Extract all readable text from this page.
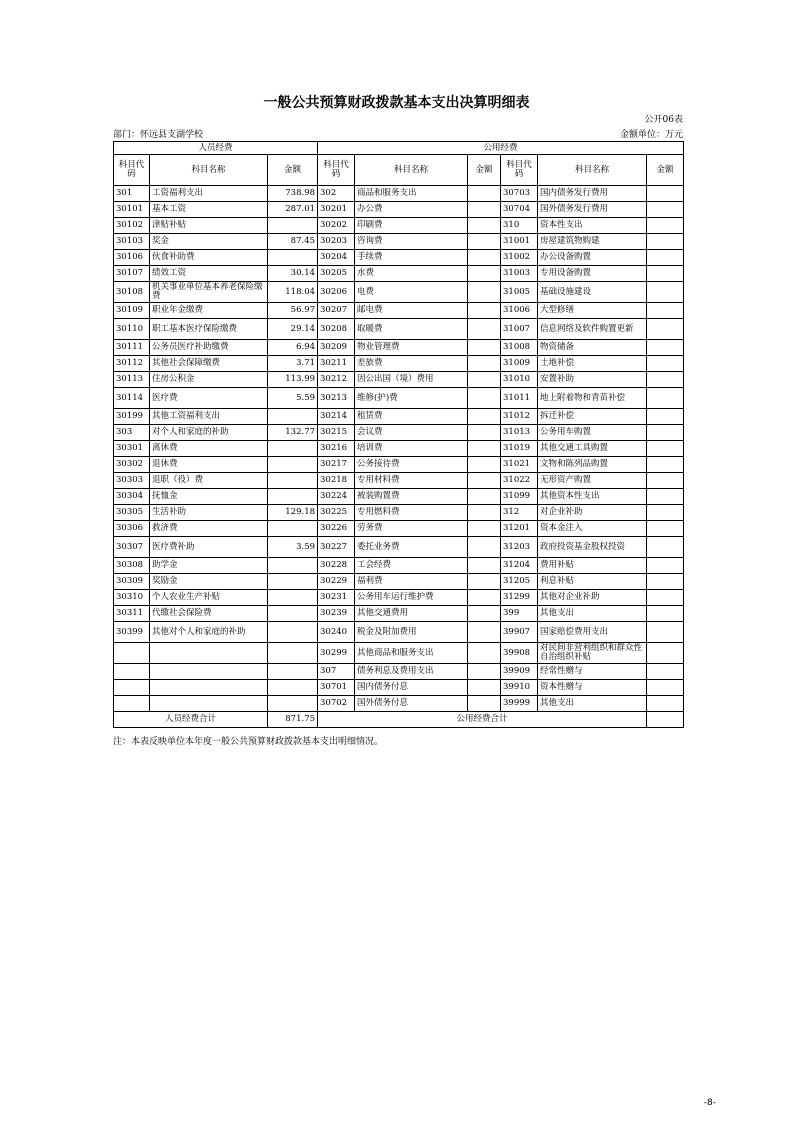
一般公共预算财政拨款基本支出决算明细表
公开06表
部门：怀远县支湖学校	金额单位：万元
人员经费			公用经费					
科目代码	科目名称	金额	科目代码	科目名称	金额	科目代码	科目名称	金额
301	工资福利支出	738.98	302	商品和服务支出		30703	国内债务发行费用	
30101	基本工资	287.01	30201	办公费		30704	国外债务发行费用	
30102	津贴补贴		30202	印刷费		310	资本性支出	
30103	奖金	87.45	30203	咨询费		31001	房屋建筑物购建	
30106	伙食补助费		30204	手续费		31002	办公设备购置	
30107	绩效工资	30.14	30205	水费		31003	专用设备购置	
30108	机关事业单位基本养老保险缴费	118.04	30206	电费		31005	基础设施建设	
30109	职业年金缴费	56.97	30207	邮电费		31006	大型修缮	
30110	职工基本医疗保险缴费	29.14	30208	取暖费		31007	信息网络及软件购置更新	
30111	公务员医疗补助缴费	6.94	30209	物业管理费		31008	物资储备	
30112	其他社会保障缴费	3.71	30211	差旅费		31009	土地补偿	
30113	住房公积金	113.99	30212	因公出国（境）费用		31010	安置补助	
30114	医疗费	5.59	30213	维修(护)费		31011	地上附着物和青苗补偿	
30199	其他工资福利支出		30214	租赁费		31012	拆迁补偿	
303	对个人和家庭的补助	132.77	30215	会议费		31013	公务用车购置	
30301	离休费		30216	培训费		31019	其他交通工具购置	
30302	退休费		30217	公务接待费		31021	文物和陈列品购置	
30303	退职（役）费		30218	专用材料费		31022	无形资产购置	
30304	抚恤金		30224	被装购置费		31099	其他资本性支出	
30305	生活补助	129.18	30225	专用燃料费		312	对企业补助	
30306	救济费		30226	劳务费		31201	资本金注入	
30307	医疗费补助	3.59	30227	委托业务费		31203	政府投资基金股权投资	
30308	助学金		30228	工会经费		31204	费用补贴	
30309	奖励金		30229	福利费		31205	利息补贴	
30310	个人农业生产补贴		30231	公务用车运行维护费		31299	其他对企业补助	
30311	代缴社会保险费		30239	其他交通费用		399	其他支出	
30399	其他对个人和家庭的补助		30240	税金及附加费用		39907	国家赔偿费用支出	
			30299	其他商品和服务支出		39908	对民间非营利组织和群众性自治组织补贴	
			307	债务利息及费用支出		39909	经常性赠与	
			30701	国内债务付息		39910	资本性赠与	
			30702	国外债务付息		39999	其他支出	
人员经费合计		871.75	公用经费合计					
注：本表反映单位本年度一般公共预算财政拨款基本支出明细情况。
-8-
